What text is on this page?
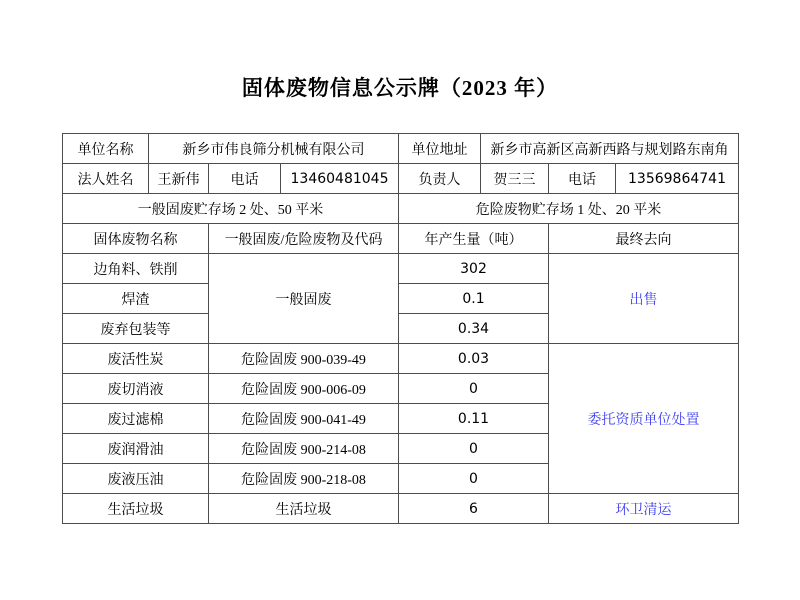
固体废物信息公示牌（2023 年）
单位名称	新乡市伟良筛分机械有限公司			单位地址	新乡市高新区高新西路与规划路东南角		
法人姓名	王新伟	电话	13460481045	负责人	贺三三	电话	13569864741
一般固废贮存场 2 处、50 平米				危险废物贮存场 1 处、20 平米			
固体废物名称		一般固废/危险废物及代码		年产生量（吨）		最终去向	
边角料、铁削		一般固废		302		出售	
焊渣				0.1			
废弃包装等				0.34			
废活性炭		危险固废 900-039-49		0.03		委托资质单位处置	
废切消液		危险固废 900-006-09		0			
废过滤棉		危险固废 900-041-49		0.11			
废润滑油		危险固废 900-214-08		0			
废液压油		危险固废 900-218-08		0			
生活垃圾		生活垃圾		6		环卫清运	
